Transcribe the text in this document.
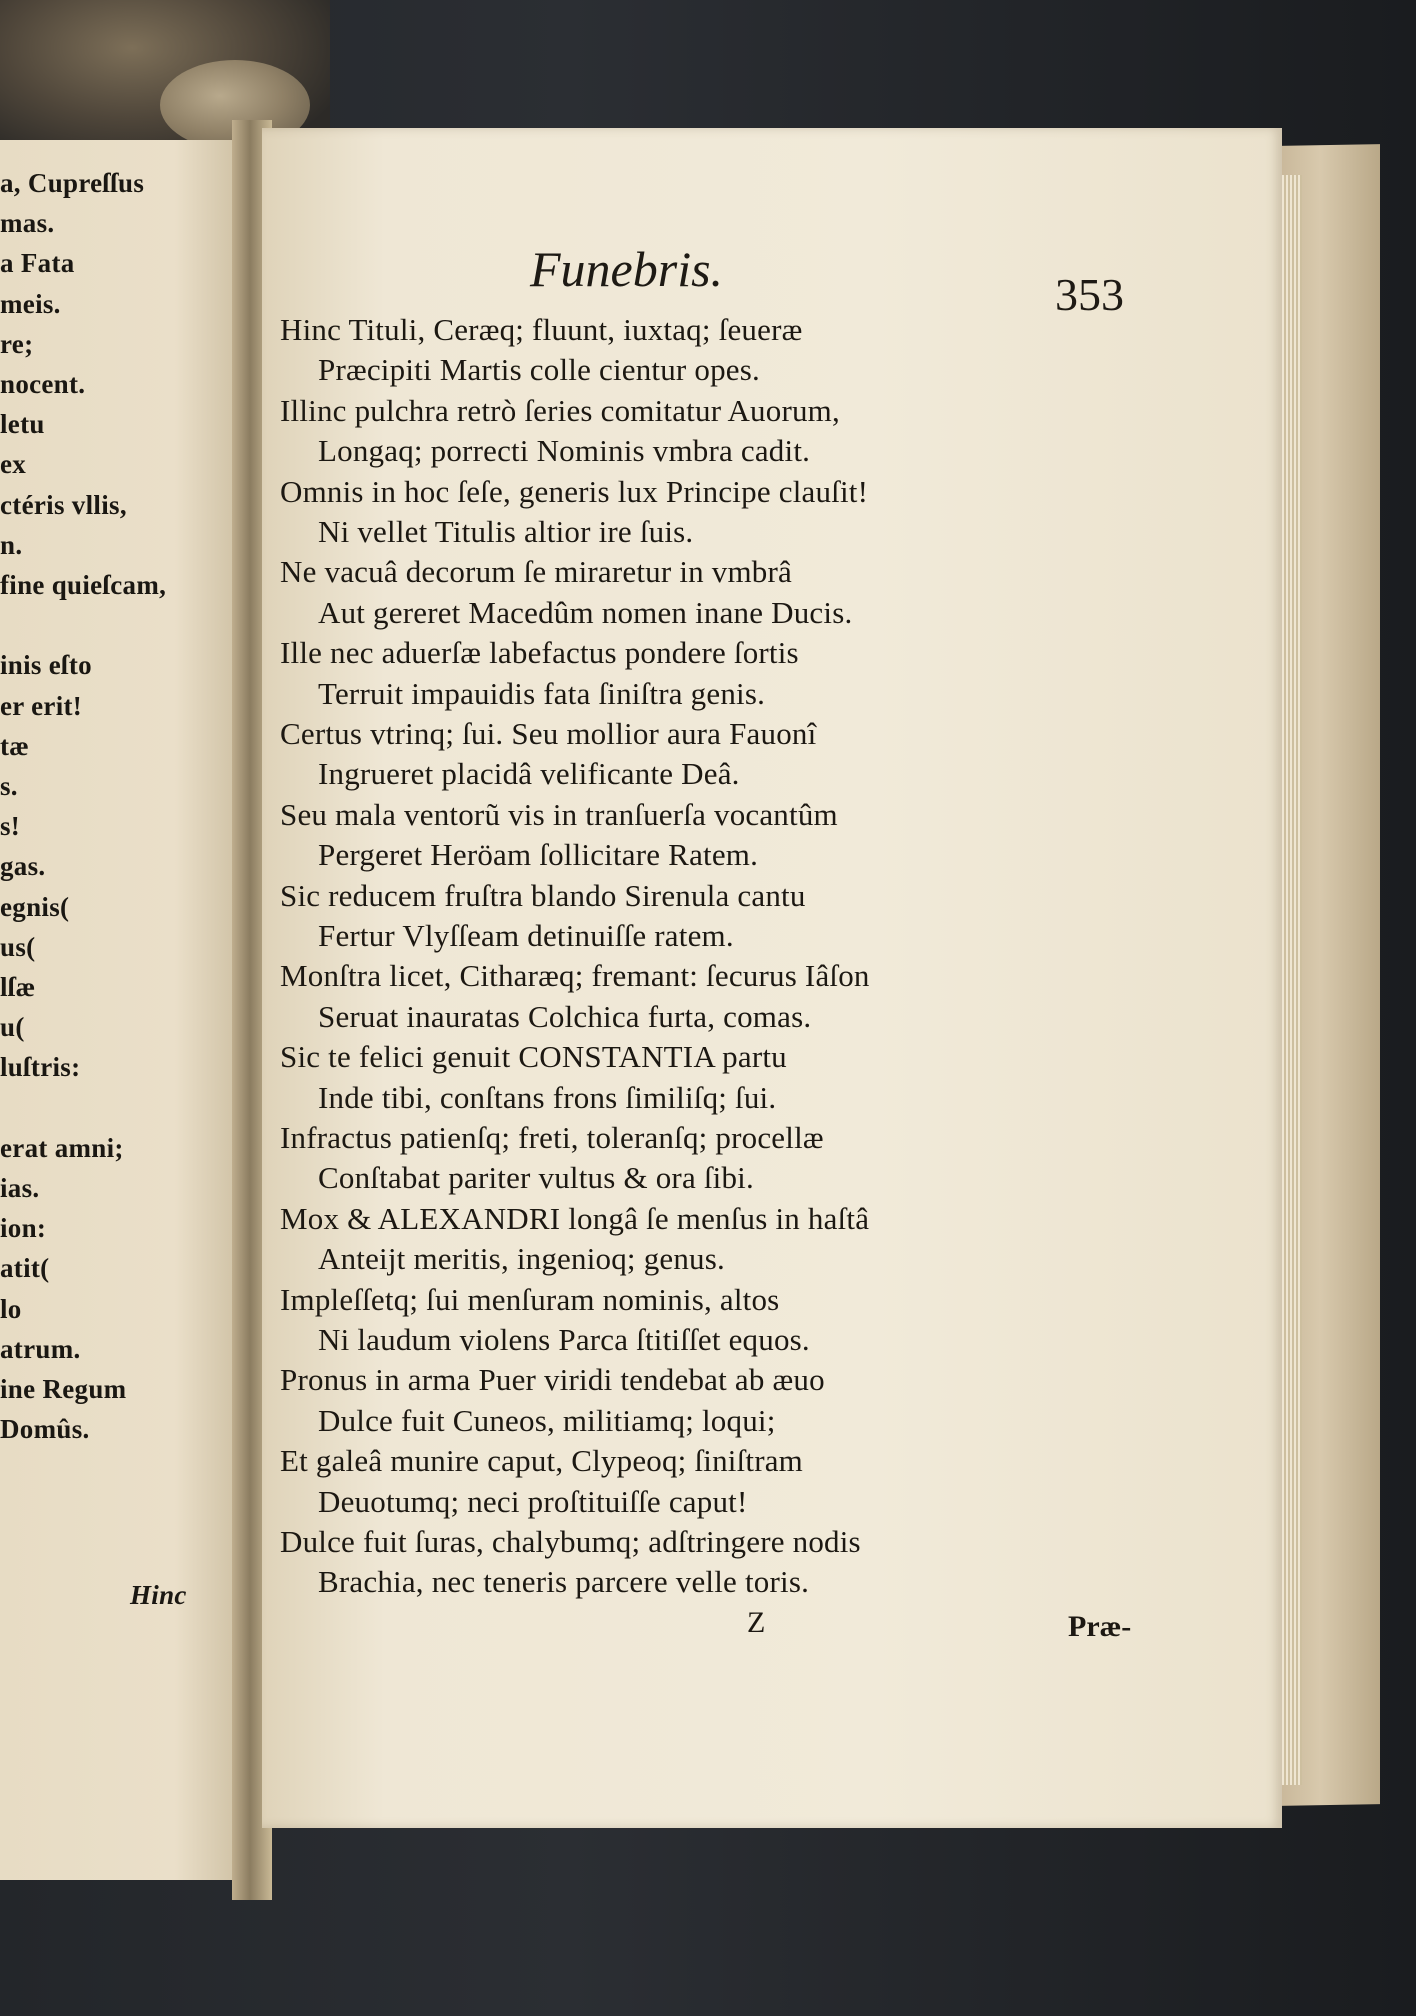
a, Cupreſſus
mas.
a Fata
meis.
re;
nocent.
letu
ex
ctéris vllis,
n.
fine quieſcam,
inis eſto
er erit!
tæ
s.
s!
gas.
egnis(
us(
lſæ
u(
luſtris:
erat amni;
ias.
ion:
atit(
lo
atrum.
ine Regum
Domûs.
Hinc
Funebris.	353
Hinc Tituli, Ceræq; fluunt, iuxtaq; ſeueræ
Præcipiti Martis colle cientur opes.
Illinc pulchra retrò ſeries comitatur Auorum,
Longaq; porrecti Nominis vmbra cadit.
Omnis in hoc ſeſe, generis lux Principe clauſit!
Ni vellet Titulis altior ire ſuis.
Ne vacuâ decorum ſe miraretur in vmbrâ
Aut gereret Macedûm nomen inane Ducis.
Ille nec aduerſæ labefactus pondere ſortis
Terruit impauidis fata ſiniſtra genis.
Certus vtrinq; ſui. Seu mollior aura Fauonî
Ingrueret placidâ velificante Deâ.
Seu mala ventorũ vis in tranſuerſa vocantûm
Pergeret Heröam ſollicitare Ratem.
Sic reducem fruſtra blando Sirenula cantu
Fertur Vlyſſeam detinuiſſe ratem.
Monſtra licet, Citharæq; fremant: ſecurus Iâſon
Seruat inauratas Colchica furta, comas.
Sic te felici genuit CONSTANTIA partu
Inde tibi, conſtans frons ſimiliſq; ſui.
Infractus patienſq; freti, toleranſq; procellæ
Conſtabat pariter vultus & ora ſibi.
Mox & ALEXANDRI longâ ſe menſus in haſtâ
Anteijt meritis, ingenioq; genus.
Impleſſetq; ſui menſuram nominis, altos
Ni laudum violens Parca ſtitiſſet equos.
Pronus in arma Puer viridi tendebat ab æuo
Dulce fuit Cuneos, militiamq; loqui;
Et galeâ munire caput, Clypeoq; ſiniſtram
Deuotumq; neci proſtituiſſe caput!
Dulce fuit ſuras, chalybumq; adſtringere nodis
Brachia, nec teneris parcere velle toris.
Z	Præ-
